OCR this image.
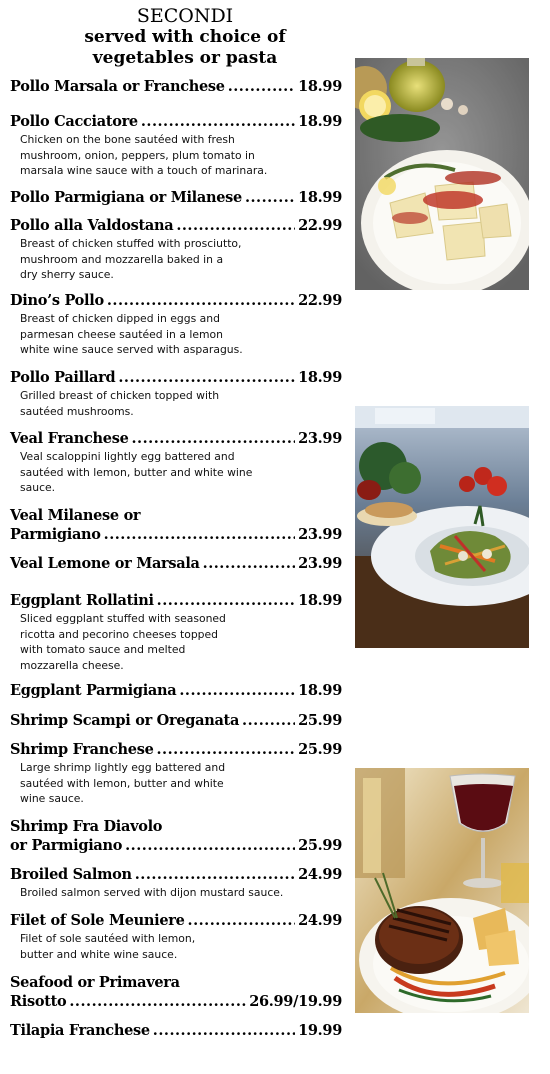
SECONDI
served with choice of
vegetables or pasta
Pollo Marsala or Franchese .....	18.99
Pollo Cacciatore .....	18.99
Chicken on the bone sautéed with fresh
mushroom, onion, peppers, plum tomato in
marsala wine sauce with a touch of marinara.
Pollo Parmigiana or Milanese .....	18.99
Pollo alla Valdostana .....	22.99
Breast of chicken stuffed with prosciutto,
mushroom and mozzarella baked in a
dry sherry sauce.
Dino’s Pollo .....	22.99
Breast of chicken dipped in eggs and
parmesan cheese sautéed in a lemon
white wine sauce served with asparagus.
Pollo Paillard .....	18.99
Grilled breast of chicken topped with
sautéed mushrooms.
Veal Franchese .....	23.99
Veal scaloppini lightly egg battered and
sautéed with lemon, butter and white wine
sauce.
Veal Milanese or
Parmigiano .....	23.99
Veal Lemone or Marsala .....	23.99
Eggplant Rollatini .....	18.99
Sliced eggplant stuffed with seasoned
ricotta and pecorino cheeses topped
with tomato sauce and melted
mozzarella cheese.
Eggplant Parmigiana .....	18.99
Shrimp Scampi or Oreganata .....	25.99
Shrimp Franchese .....	25.99
Large shrimp lightly egg battered and
sautéed with lemon, butter and white
wine sauce.
Shrimp Fra Diavolo
or Parmigiano .....	25.99
Broiled Salmon .....	24.99
Broiled salmon served with dijon mustard sauce.
Filet of Sole Meuniere .....	24.99
Filet of sole sautéed with lemon,
butter and white wine sauce.
Seafood or Primavera
Risotto .....	26.99/19.99
Tilapia Franchese .....	19.99
